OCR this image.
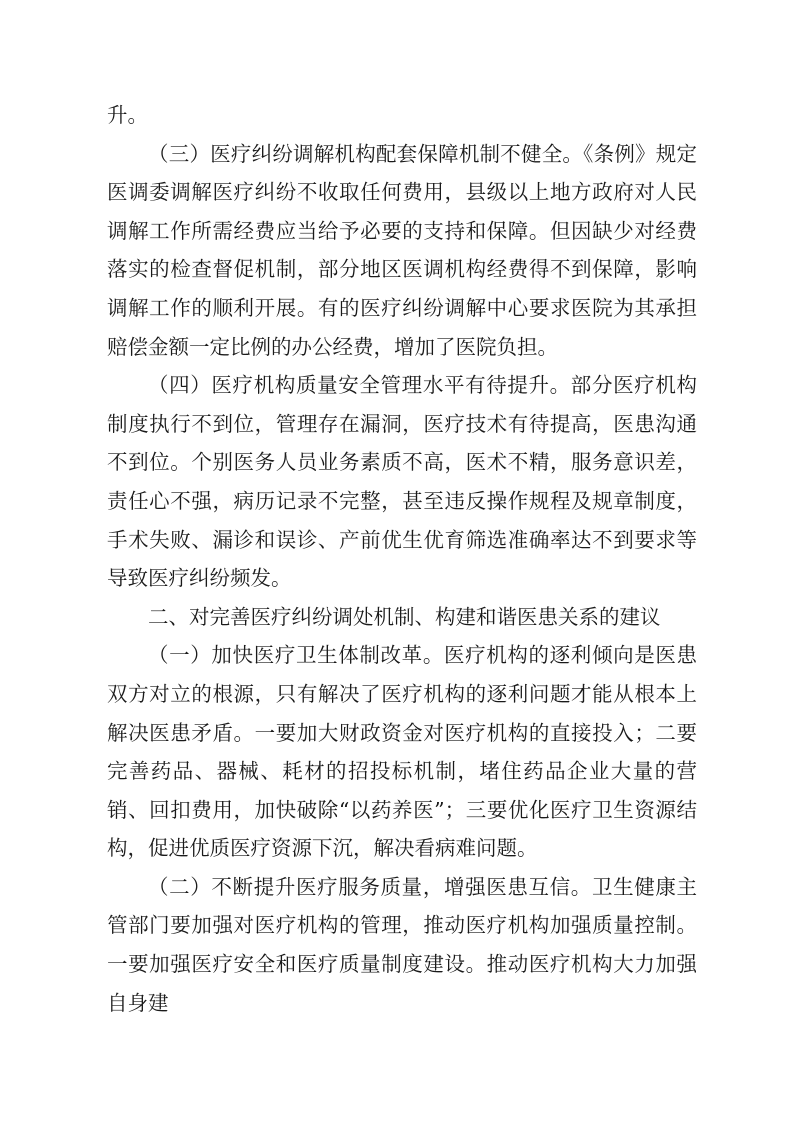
升。

（三）医疗纠纷调解机构配套保障机制不健全。《条例》规定医调委调解医疗纠纷不收取任何费用，县级以上地方政府对人民调解工作所需经费应当给予必要的支持和保障。但因缺少对经费落实的检查督促机制，部分地区医调机构经费得不到保障，影响调解工作的顺利开展。有的医疗纠纷调解中心要求医院为其承担赔偿金额一定比例的办公经费，增加了医院负担。

（四）医疗机构质量安全管理水平有待提升。部分医疗机构制度执行不到位，管理存在漏洞，医疗技术有待提高，医患沟通不到位。个别医务人员业务素质不高，医术不精，服务意识差，责任心不强，病历记录不完整，甚至违反操作规程及规章制度，手术失败、漏诊和误诊、产前优生优育筛选准确率达不到要求等导致医疗纠纷频发。

二、对完善医疗纠纷调处机制、构建和谐医患关系的建议

（一）加快医疗卫生体制改革。医疗机构的逐利倾向是医患双方对立的根源，只有解决了医疗机构的逐利问题才能从根本上解决医患矛盾。一要加大财政资金对医疗机构的直接投入；二要完善药品、器械、耗材的招投标机制，堵住药品企业大量的营销、回扣费用，加快破除“以药养医”；三要优化医疗卫生资源结构，促进优质医疗资源下沉，解决看病难问题。

（二）不断提升医疗服务质量，增强医患互信。卫生健康主管部门要加强对医疗机构的管理，推动医疗机构加强质量控制。一要加强医疗安全和医疗质量制度建设。推动医疗机构大力加强自身建
